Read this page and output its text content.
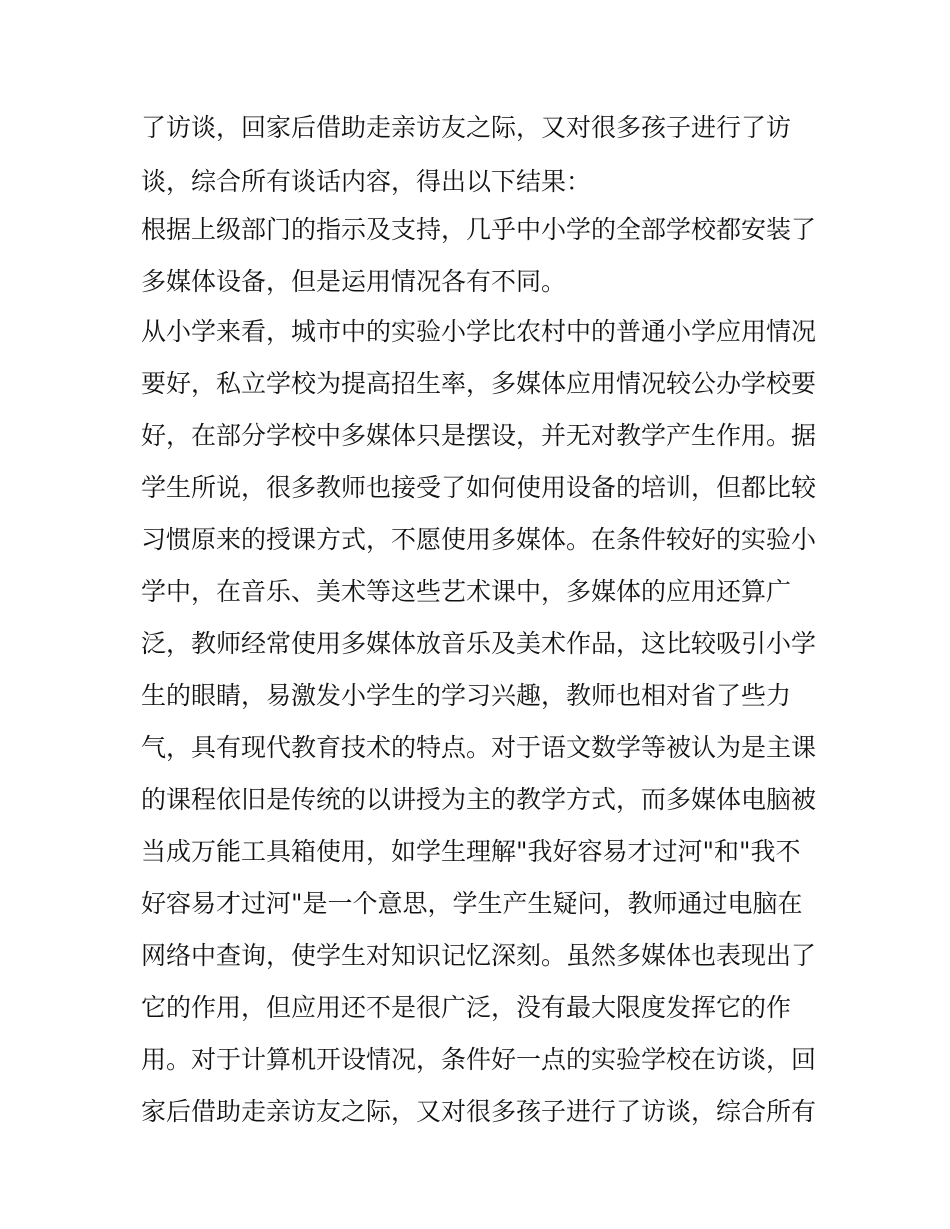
了访谈，回家后借助走亲访友之际，又对很多孩子进行了访
谈，综合所有谈话内容，得出以下结果：
根据上级部门的指示及支持，几乎中小学的全部学校都安装了
多媒体设备，但是运用情况各有不同。
从小学来看，城市中的实验小学比农村中的普通小学应用情况
要好，私立学校为提高招生率，多媒体应用情况较公办学校要
好，在部分学校中多媒体只是摆设，并无对教学产生作用。据
学生所说，很多教师也接受了如何使用设备的培训，但都比较
习惯原来的授课方式，不愿使用多媒体。在条件较好的实验小
学中，在音乐、美术等这些艺术课中，多媒体的应用还算广
泛，教师经常使用多媒体放音乐及美术作品，这比较吸引小学
生的眼睛，易激发小学生的学习兴趣，教师也相对省了些力
气，具有现代教育技术的特点。对于语文数学等被认为是主课
的课程依旧是传统的以讲授为主的教学方式，而多媒体电脑被
当成万能工具箱使用，如学生理解"我好容易才过河"和"我不
好容易才过河"是一个意思，学生产生疑问，教师通过电脑在
网络中查询，使学生对知识记忆深刻。虽然多媒体也表现出了
它的作用，但应用还不是很广泛，没有最大限度发挥它的作
用。对于计算机开设情况，条件好一点的实验学校在访谈，回
家后借助走亲访友之际，又对很多孩子进行了访谈，综合所有
